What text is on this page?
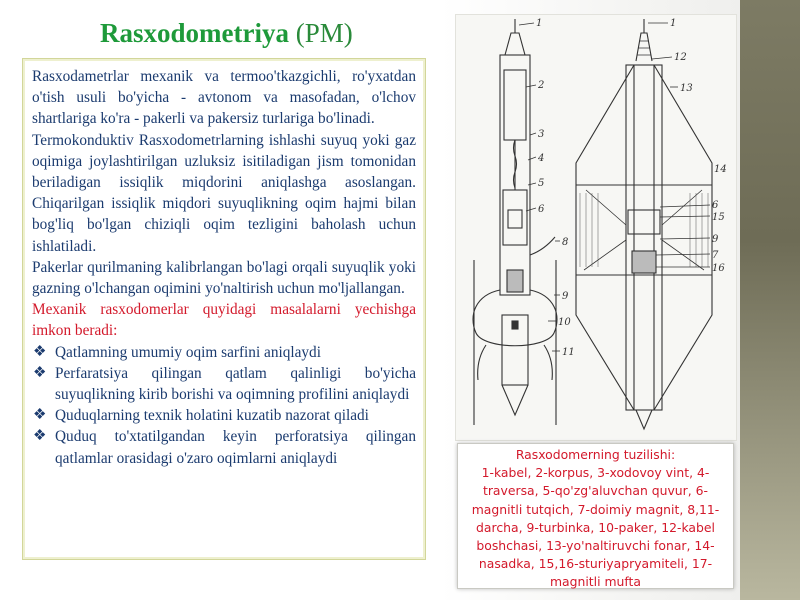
Rasxodometriya (PM)

Rasxodametrlar mexanik va termoo'tkazgichli, ro'yxatdan o'tish usuli bo'yicha - avtonom va masofadan, o'lchov shartlariga ko'ra - pakerli va pakersiz turlariga bo'linadi.

Termokonduktiv Rasxodometrlarning ishlashi suyuq yoki gaz oqimiga joylashtirilgan uzluksiz isitiladigan jism tomonidan beriladigan issiqlik miqdorini aniqlashga asoslangan. Chiqarilgan issiqlik miqdori suyuqlikning oqim hajmi bilan bog'liq bo'lgan chiziqli oqim tezligini baholash uchun ishlatiladi.

Pakerlar qurilmaning kalibrlangan bo'lagi orqali suyuqlik yoki gazning o'lchangan oqimini yo'naltirish uchun mo'ljallangan.

Mexanik rasxodomerlar quyidagi masalalarni yechishga imkon beradi:

❖ Qatlamning umumiy oqim sarfini aniqlaydi
❖ Perfaratsiya qilingan qatlam qalinligi bo'yicha suyuqlikning kirib borishi va oqimning profilini aniqlaydi
❖ Quduqlarning texnik holatini kuzatib nazorat qiladi
❖ Quduq to'xtatilgandan keyin perforatsiya qilingan qatlamlar orasidagi o'zaro oqimlarni aniqlaydi
1
2
3
4
5
6
8
9
10
11
1
12
13
14
6
15
9
7
16
Rasxodomerning tuzilishi:
1-kabel, 2-korpus, 3-xodovoy vint, 4-traversa, 5-qo'zg'aluvchan quvur, 6-magnitli tutqich, 7-doimiy magnit, 8,11-darcha, 9-turbinka, 10-paker, 12-kabel boshchasi, 13-yo'naltiruvchi fonar, 14-nasadka, 15,16-sturiyapryamiteli, 17-magnitli mufta
